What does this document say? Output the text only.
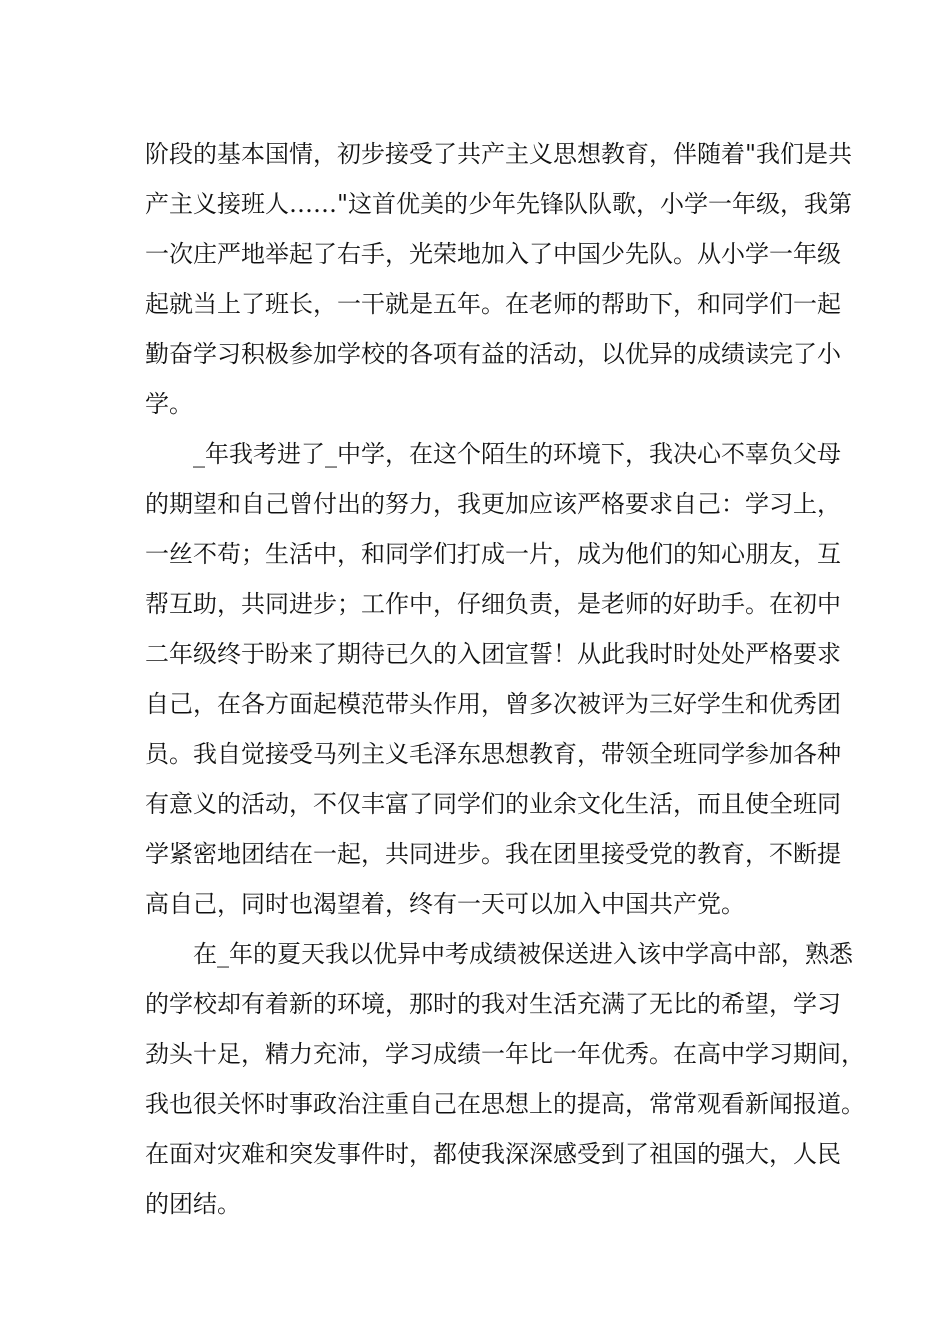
阶段的基本国情，初步接受了共产主义思想教育，伴随着"我们是共
产主义接班人……"这首优美的少年先锋队队歌，小学一年级，我第
一次庄严地举起了右手，光荣地加入了中国少先队。从小学一年级
起就当上了班长，一干就是五年。在老师的帮助下，和同学们一起
勤奋学习积极参加学校的各项有益的活动，以优异的成绩读完了小
学。
　　_年我考进了_中学，在这个陌生的环境下，我决心不辜负父母
的期望和自己曾付出的努力，我更加应该严格要求自己：学习上，
一丝不苟；生活中，和同学们打成一片，成为他们的知心朋友，互
帮互助，共同进步；工作中，仔细负责，是老师的好助手。在初中
二年级终于盼来了期待已久的入团宣誓！从此我时时处处严格要求
自己，在各方面起模范带头作用，曾多次被评为三好学生和优秀团
员。我自觉接受马列主义毛泽东思想教育，带领全班同学参加各种
有意义的活动，不仅丰富了同学们的业余文化生活，而且使全班同
学紧密地团结在一起，共同进步。我在团里接受党的教育，不断提
高自己，同时也渴望着，终有一天可以加入中国共产党。
　　在_年的夏天我以优异中考成绩被保送进入该中学高中部，熟悉
的学校却有着新的环境，那时的我对生活充满了无比的希望，学习
劲头十足，精力充沛，学习成绩一年比一年优秀。在高中学习期间，
我也很关怀时事政治注重自己在思想上的提高，常常观看新闻报道。
在面对灾难和突发事件时，都使我深深感受到了祖国的强大，人民
的团结。
